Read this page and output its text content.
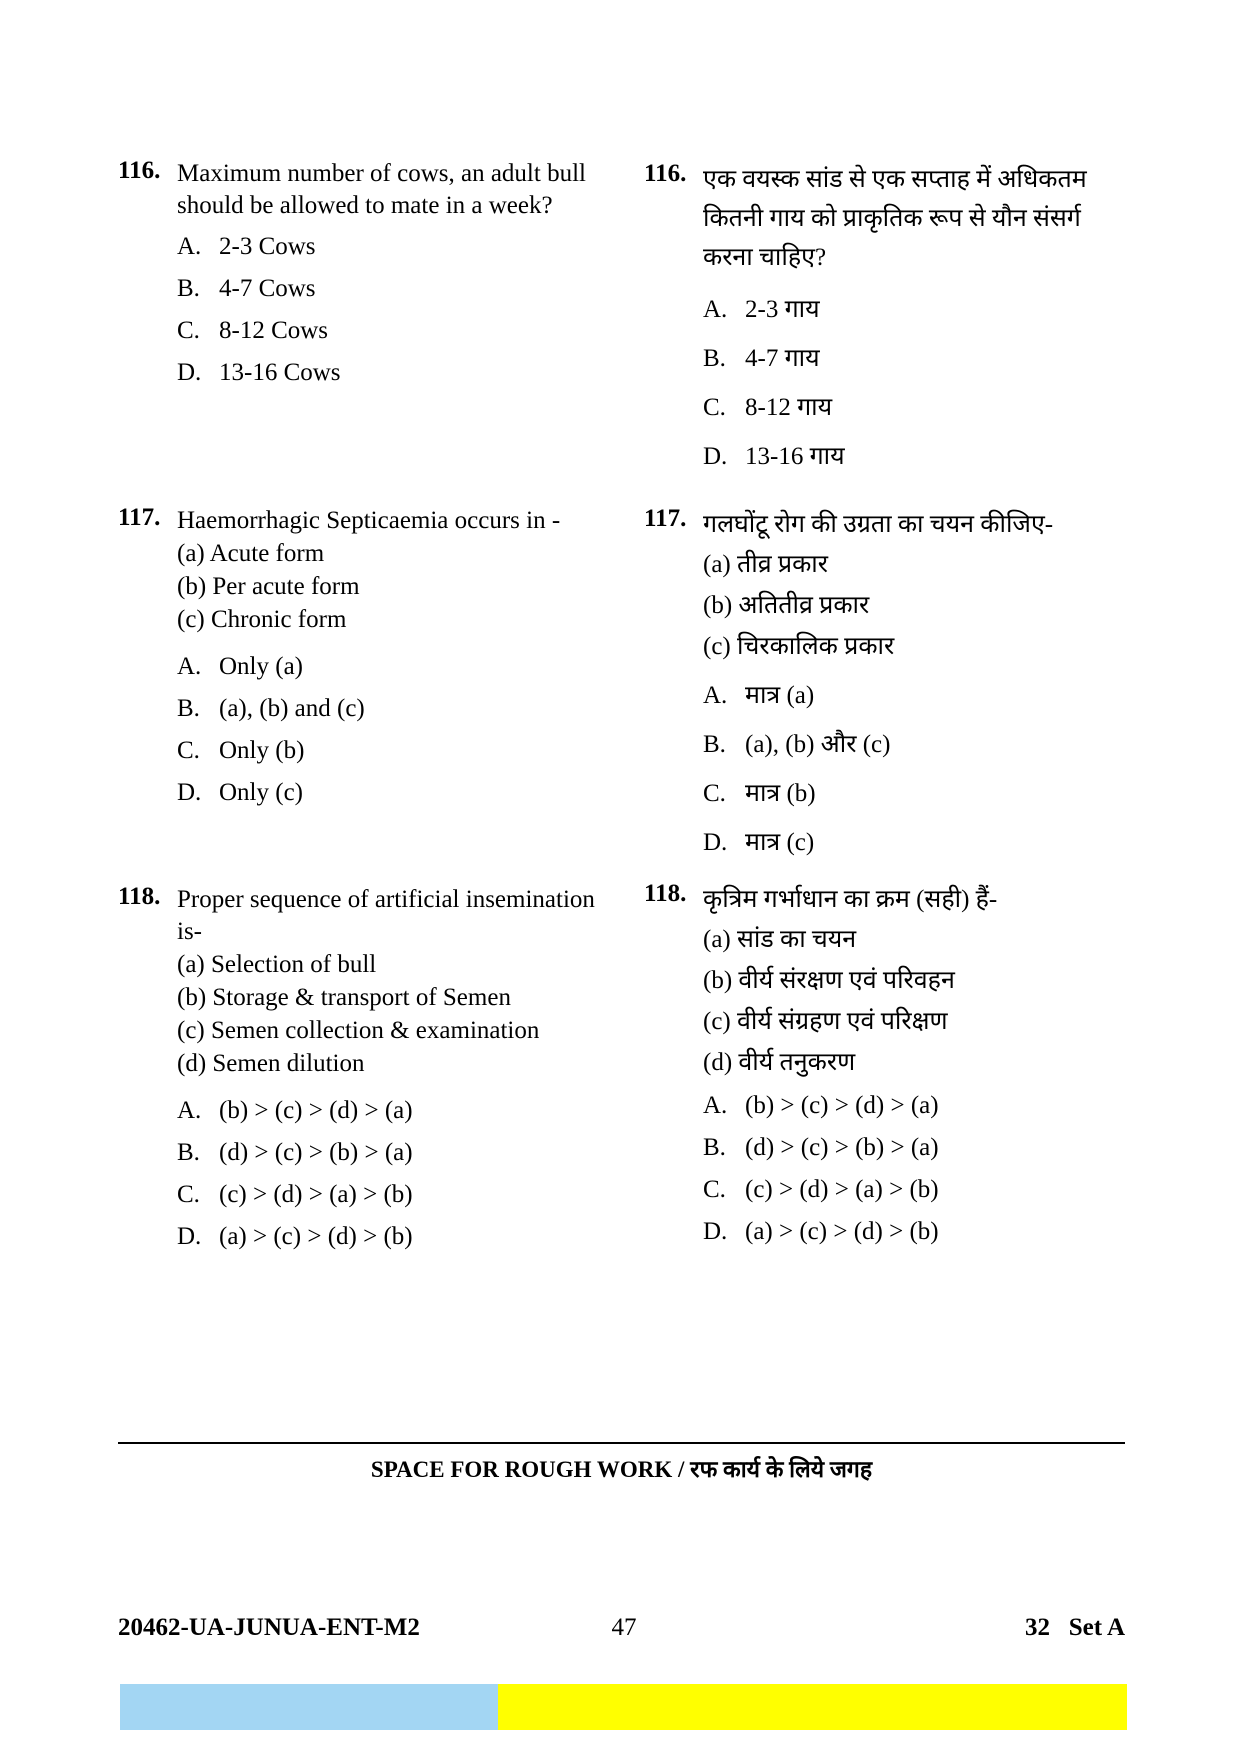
116. Maximum number of cows, an adult bull should be allowed to mate in a week?
A. 2-3 Cows
B. 4-7 Cows
C. 8-12 Cows
D. 13-16 Cows
117. Haemorrhagic Septicaemia occurs in -
(a) Acute form
(b) Per acute form
(c) Chronic form
A. Only (a)
B. (a), (b) and (c)
C. Only (b)
D. Only (c)
118. Proper sequence of artificial insemination is-
(a) Selection of bull
(b) Storage & transport of Semen
(c) Semen collection & examination
(d) Semen dilution
A. (b) > (c) > (d) > (a)
B. (d) > (c) > (b) > (a)
C. (c) > (d) > (a) > (b)
D. (a) > (c) > (d) > (b)
116. एक वयस्क सांड से एक सप्ताह में अधिकतम कितनी गाय को प्राकृतिक रूप से यौन संसर्ग करना चाहिए?
A. 2-3 गाय
B. 4-7 गाय
C. 8-12 गाय
D. 13-16 गाय
117. गलघोंटू रोग की उग्रता का चयन कीजिए-
(a) तीव्र प्रकार
(b) अतितीव्र प्रकार
(c) चिरकालिक प्रकार
A. मात्र (a)
B. (a), (b) और (c)
C. मात्र (b)
D. मात्र (c)
118. कृत्रिम गर्भाधान का क्रम (सही) हैं-
(a) सांड का चयन
(b) वीर्य संरक्षण एवं परिवहन
(c) वीर्य संग्रहण एवं परिक्षण
(d) वीर्य तनुकरण
A. (b) > (c) > (d) > (a)
B. (d) > (c) > (b) > (a)
C. (c) > (d) > (a) > (b)
D. (a) > (c) > (d) > (b)
SPACE FOR ROUGH WORK / रफ कार्य के लिये जगह
20462-UA-JUNUA-ENT-M2	47	32   Set A
